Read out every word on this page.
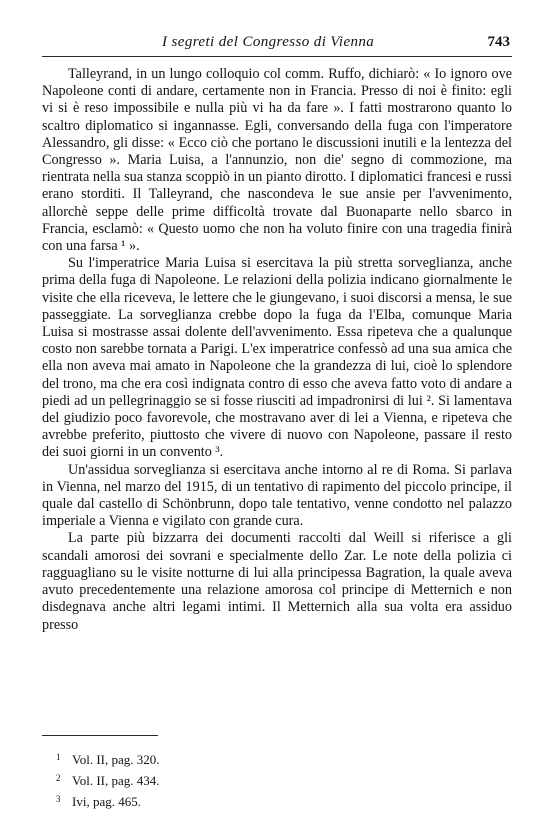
I segreti del Congresso di Vienna	743

Talleyrand, in un lungo colloquio col comm. Ruffo, dichiarò: « Io ignoro ove Napoleone conti di andare, certamente non in Francia. Presso di noi è finito: egli vi si è reso impossibile e nulla più vi ha da fare ». I fatti mostrarono quanto lo scaltro diplomatico si ingannasse. Egli, conversando della fuga con l'imperatore Alessandro, gli disse: « Ecco ciò che portano le discussioni inutili e la lentezza del Congresso ». Maria Luisa, a l'annunzio, non die' segno di commozione, ma rientrata nella sua stanza scoppiò in un pianto dirotto. I diplomatici francesi e russi erano storditi. Il Talleyrand, che nascondeva le sue ansie per l'avvenimento, allorchè seppe delle prime difficoltà trovate dal Buonaparte nello sbarco in Francia, esclamò: « Questo uomo che non ha voluto finire con una tragedia finirà con una farsa ¹ ».

Su l'imperatrice Maria Luisa si esercitava la più stretta sorveglianza, anche prima della fuga di Napoleone. Le relazioni della polizia indicano giornalmente le visite che ella riceveva, le lettere che le giungevano, i suoi discorsi a mensa, le sue passeggiate. La sorveglianza crebbe dopo la fuga da l'Elba, comunque Maria Luisa si mostrasse assai dolente dell'avvenimento. Essa ripeteva che a qualunque costo non sarebbe tornata a Parigi. L'ex imperatrice confessò ad una sua amica che ella non aveva mai amato in Napoleone che la grandezza di lui, cioè lo splendore del trono, ma che era così indignata contro di esso che aveva fatto voto di andare a piedi ad un pellegrinaggio se si fosse riusciti ad impadronirsi di lui ². Si lamentava del giudizio poco favorevole, che mostravano aver di lei a Vienna, e ripeteva che avrebbe preferito, piuttosto che vivere di nuovo con Napoleone, passare il resto dei suoi giorni in un convento ³.

Un'assidua sorveglianza si esercitava anche intorno al re di Roma. Si parlava in Vienna, nel marzo del 1915, di un tentativo di rapimento del piccolo principe, il quale dal castello di Schönbrunn, dopo tale tentativo, venne condotto nel palazzo imperiale a Vienna e vigilato con grande cura.

La parte più bizzarra dei documenti raccolti dal Weill si riferisce a gli scandali amorosi dei sovrani e specialmente dello Zar. Le note della polizia ci ragguagliano su le visite notturne di lui alla principessa Bagration, la quale aveva avuto precedentemente una relazione amorosa col principe di Metternich e non disdegnava anche altri legami intimi. Il Metternich alla sua volta era assiduo presso

1 Vol. II, pag. 320.
2 Vol. II, pag. 434.
3 Ivi, pag. 465.
